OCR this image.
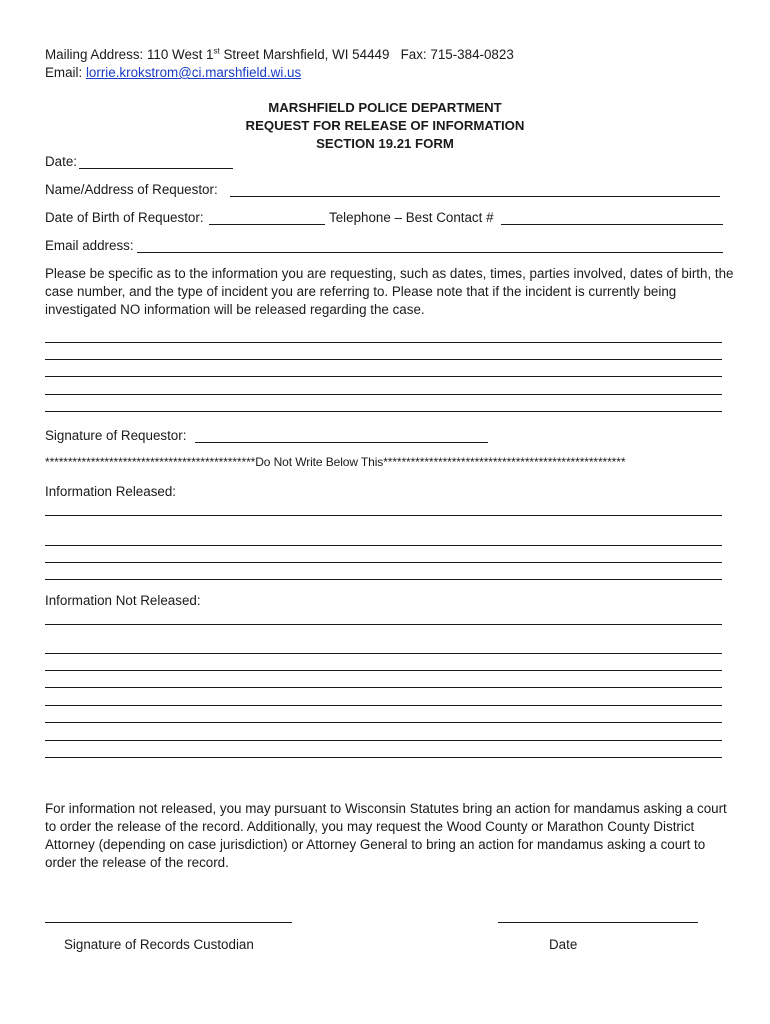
Mailing Address: 110 West 1st Street Marshfield, WI 54449 Fax: 715-384-0823
Email: lorrie.krokstrom@ci.marshfield.wi.us
MARSHFIELD POLICE DEPARTMENT
REQUEST FOR RELEASE OF INFORMATION
SECTION 19.21 FORM
Date:
Name/Address of Requestor:
Date of Birth of Requestor:	Telephone – Best Contact #
Email address:
Please be specific as to the information you are requesting, such as dates, times, parties involved, dates of birth, the case number, and the type of incident you are referring to. Please note that if the incident is currently being investigated NO information will be released regarding the case.
Signature of Requestor:
**********************************************Do Not Write Below This*****************************************************
Information Released:
Information Not Released:
For information not released, you may pursuant to Wisconsin Statutes bring an action for mandamus asking a court to order the release of the record. Additionally, you may request the Wood County or Marathon County District Attorney (depending on case jurisdiction) or Attorney General to bring an action for mandamus asking a court to order the release of the record.
Signature of Records Custodian	Date
